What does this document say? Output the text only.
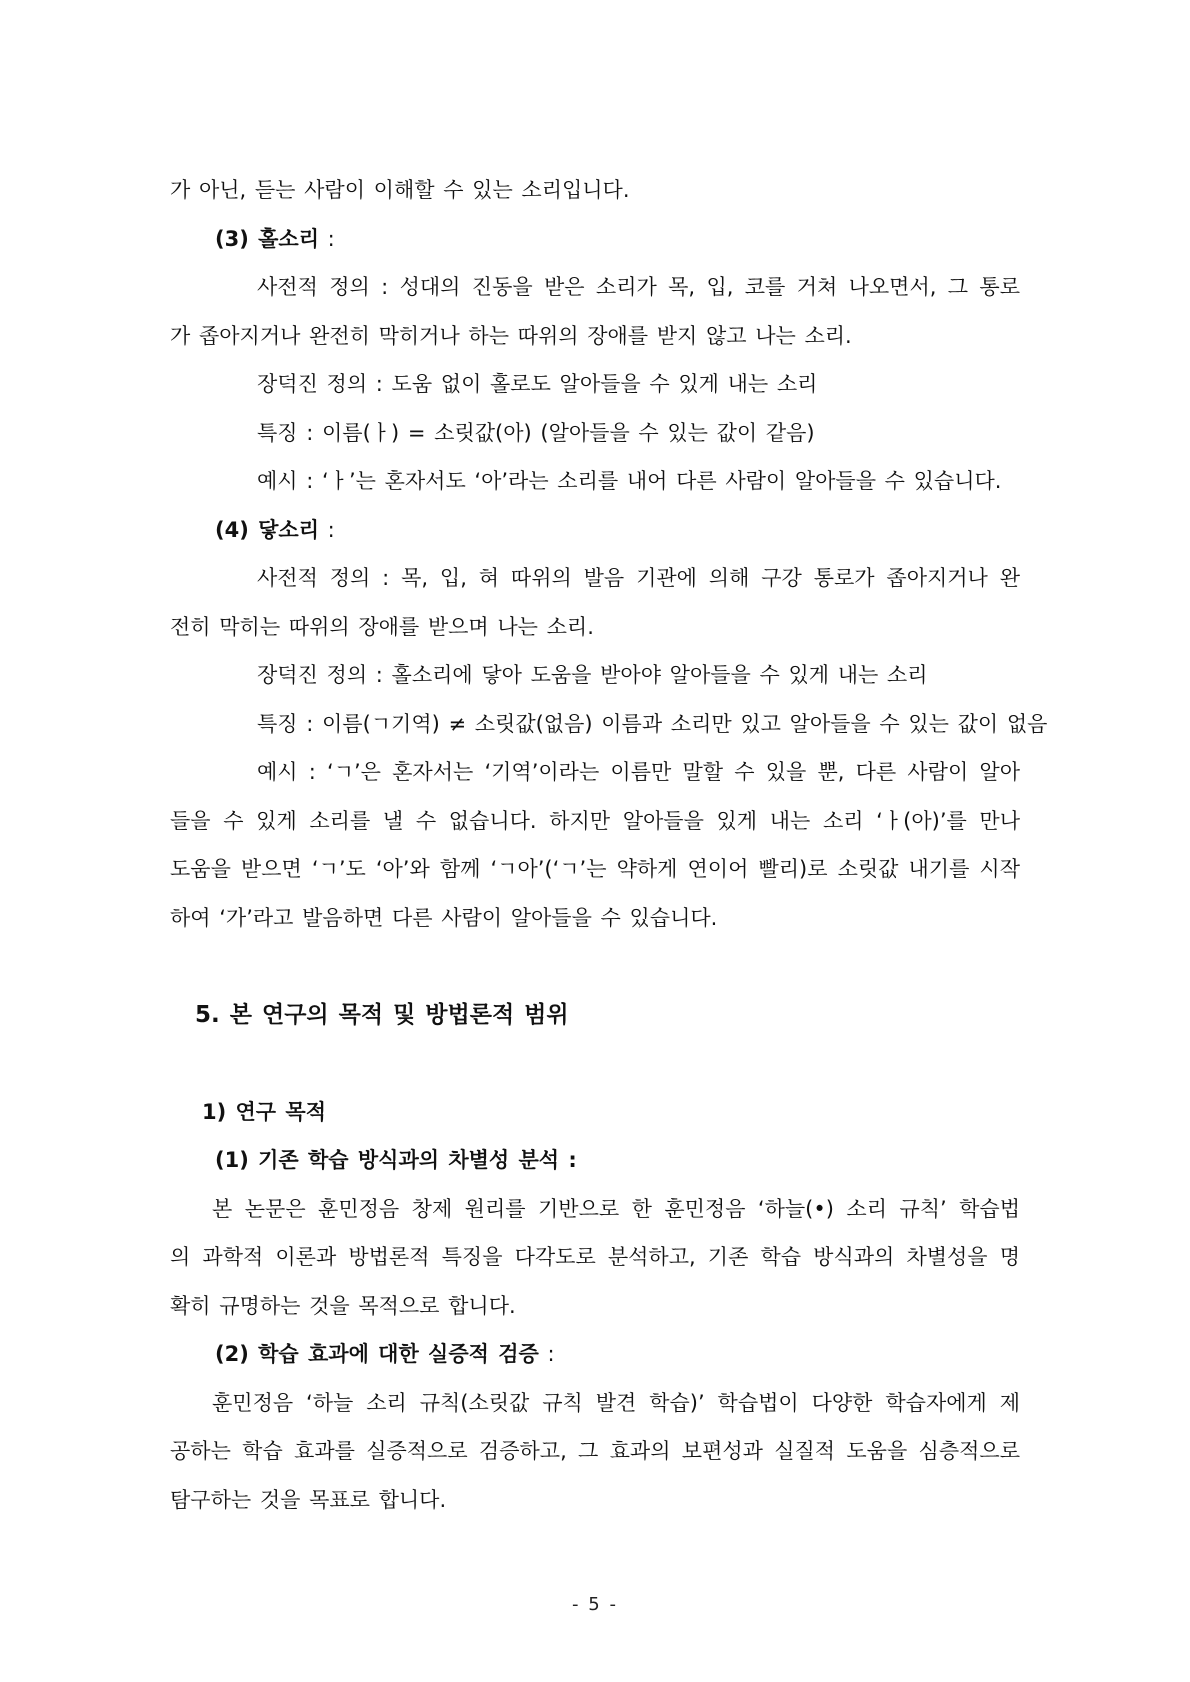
가 아닌, 듣는 사람이 이해할 수 있는 소리입니다.
(3) 홀소리 :
사전적 정의 : 성대의 진동을 받은 소리가 목, 입, 코를 거쳐 나오면서, 그 통로
가 좁아지거나 완전히 막히거나 하는 따위의 장애를 받지 않고 나는 소리.
장덕진 정의 : 도움 없이 홀로도 알아들을 수 있게 내는 소리
특징 : 이름(ㅏ) = 소릿값(아) (알아들을 수 있는 값이 같음)
예시 : ‘ㅏ’는 혼자서도 ‘아’라는 소리를 내어 다른 사람이 알아들을 수 있습니다.
(4) 닿소리 :
사전적 정의 : 목, 입, 혀 따위의 발음 기관에 의해 구강 통로가 좁아지거나 완
전히 막히는 따위의 장애를 받으며 나는 소리.
장덕진 정의 : 홀소리에 닿아 도움을 받아야 알아들을 수 있게 내는 소리
특징 : 이름(ㄱ기역) ≠ 소릿값(없음) 이름과 소리만 있고 알아들을 수 있는 값이 없음
예시 : ‘ㄱ’은 혼자서는 ‘기역’이라는 이름만 말할 수 있을 뿐, 다른 사람이 알아
들을 수 있게 소리를 낼 수 없습니다. 하지만 알아들을 있게 내는 소리 ‘ㅏ(아)’를 만나
도움을 받으면 ‘ㄱ’도 ‘아’와 함께 ‘ㄱ아’(‘ㄱ’는 약하게 연이어 빨리)로 소릿값 내기를 시작
하여 ‘가’라고 발음하면 다른 사람이 알아들을 수 있습니다.
5. 본 연구의 목적 및 방법론적 범위
1) 연구 목적
(1) 기존 학습 방식과의 차별성 분석 :
본 논문은 훈민정음 창제 원리를 기반으로 한 훈민정음 ‘하늘(•) 소리 규칙’ 학습법
의 과학적 이론과 방법론적 특징을 다각도로 분석하고, 기존 학습 방식과의 차별성을 명
확히 규명하는 것을 목적으로 합니다.
(2) 학습 효과에 대한 실증적 검증 :
훈민정음 ‘하늘 소리 규칙(소릿값 규칙 발견 학습)’ 학습법이 다양한 학습자에게 제
공하는 학습 효과를 실증적으로 검증하고, 그 효과의 보편성과 실질적 도움을 심층적으로
탐구하는 것을 목표로 합니다.
- 5 -
